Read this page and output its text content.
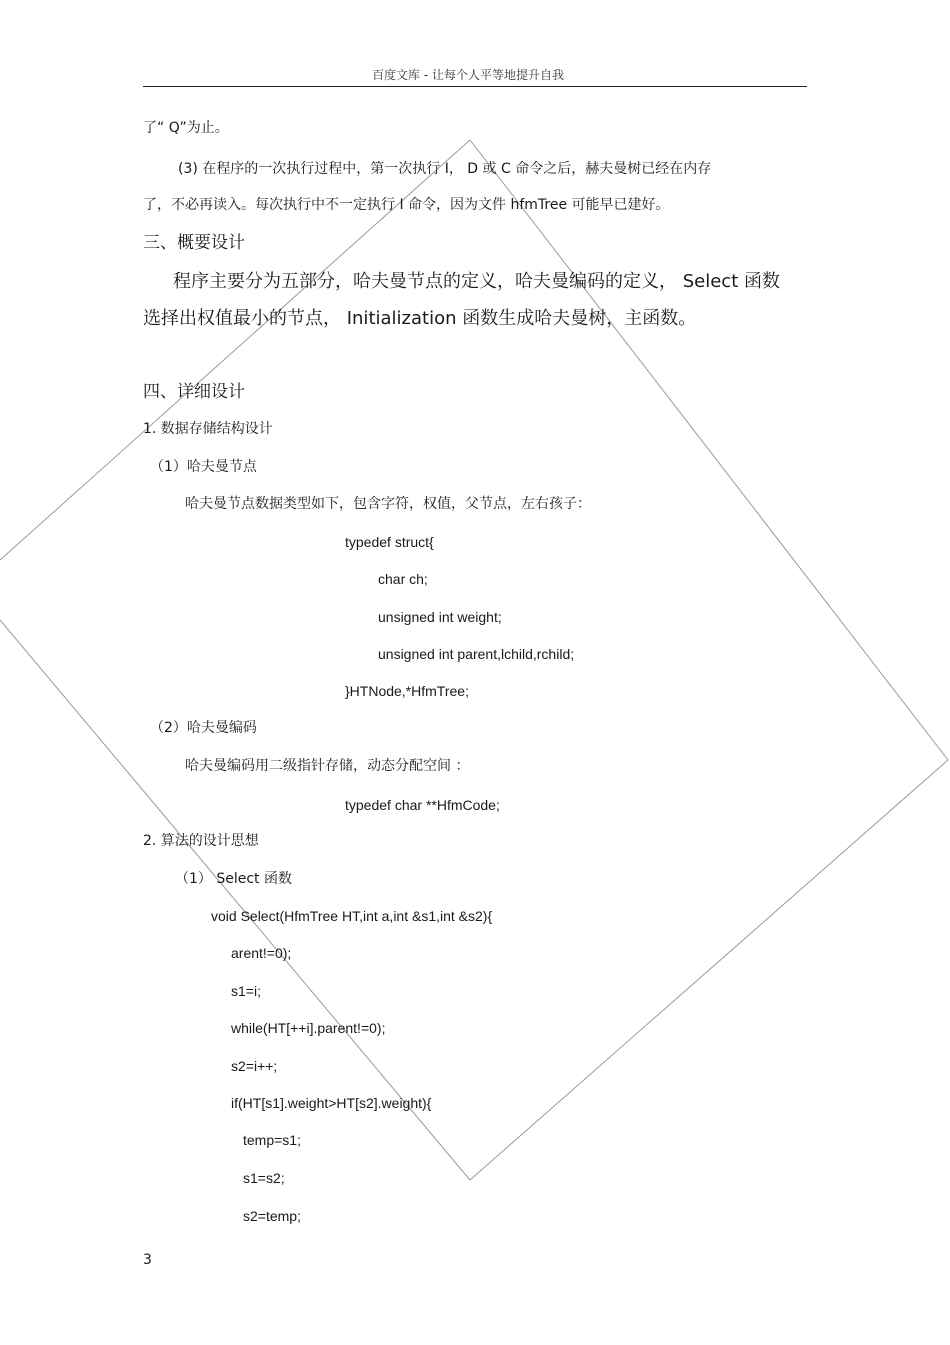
百度文库 - 让每个人平等地提升自我
了“ Q”为止。
(3) 在程序的一次执行过程中，第一次执行 I， D 或 C 命令之后，赫夫曼树已经在内存
了，不必再读入。每次执行中不一定执行 I 命令，因为文件 hfmTree 可能早已建好。
三、概要设计
程序主要分为五部分，哈夫曼节点的定义，哈夫曼编码的定义， Select 函数
选择出权值最小的节点， Initialization 函数生成哈夫曼树，主函数。
四、详细设计
1. 数据存储结构设计
（1）哈夫曼节点
哈夫曼节点数据类型如下，包含字符，权值，父节点，左右孩子：
typedef struct{
char ch;
unsigned int weight;
unsigned int parent,lchild,rchild;
}HTNode,*HfmTree;
（2）哈夫曼编码
哈夫曼编码用二级指针存储，动态分配空间 ：
typedef char **HfmCode;
2. 算法的设计思想
（1） Select 函数
void Select(HfmTree HT,int a,int &s1,int &s2){
arent!=0);
s1=i;
while(HT[++i].parent!=0);
s2=i++;
if(HT[s1].weight>HT[s2].weight){
temp=s1;
s1=s2;
s2=temp;
3
